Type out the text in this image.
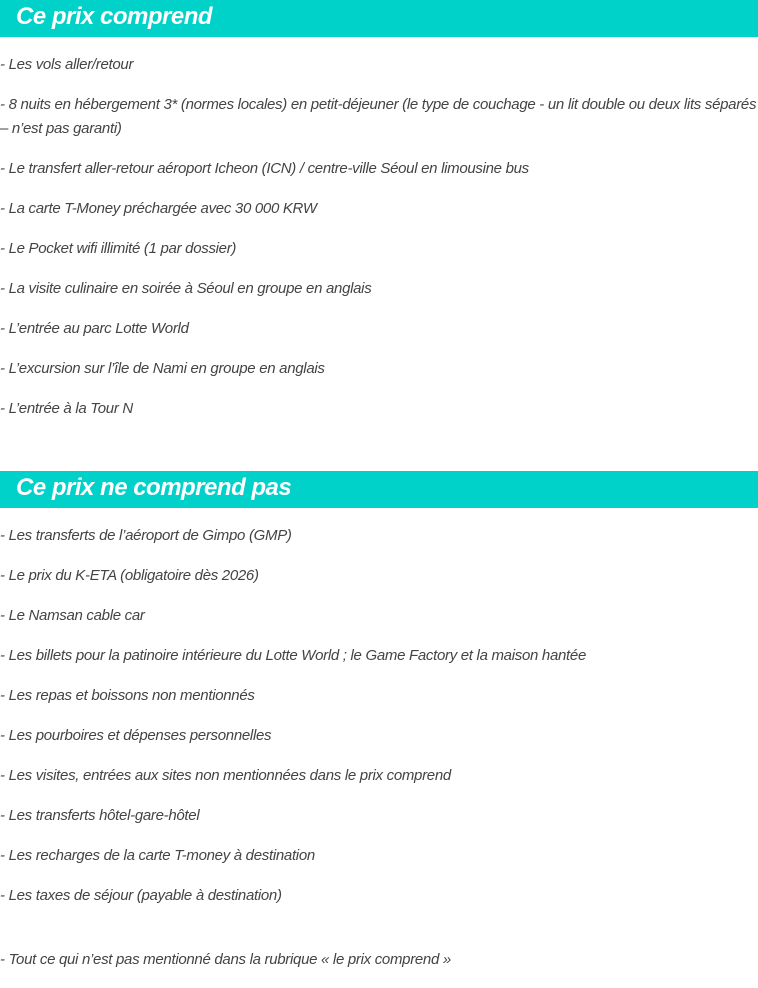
Ce prix comprend
- Les vols aller/retour
- 8 nuits en hébergement 3* (normes locales) en petit-déjeuner (le type de couchage - un lit double ou deux lits séparés – n’est pas garanti)
- Le transfert aller-retour aéroport Icheon (ICN) / centre-ville Séoul en limousine bus
- La carte T-Money préchargée avec 30 000 KRW
- Le Pocket wifi illimité (1 par dossier)
- La visite culinaire en soirée à Séoul en groupe en anglais
- L’entrée au parc Lotte World
- L’excursion sur l’île de Nami en groupe en anglais
- L’entrée à la Tour N
Ce prix ne comprend pas
- Les transferts de l’aéroport de Gimpo (GMP)
- Le prix du K-ETA (obligatoire dès 2026)
- Le Namsan cable car
- Les billets pour la patinoire intérieure du Lotte World ; le Game Factory et la maison hantée
- Les repas et boissons non mentionnés
- Les pourboires et dépenses personnelles
- Les visites, entrées aux sites non mentionnées dans le prix comprend
- Les transferts hôtel-gare-hôtel
- Les recharges de la carte T-money à destination
- Les taxes de séjour (payable à destination)
- Tout ce qui n’est pas mentionné dans la rubrique « le prix comprend »
